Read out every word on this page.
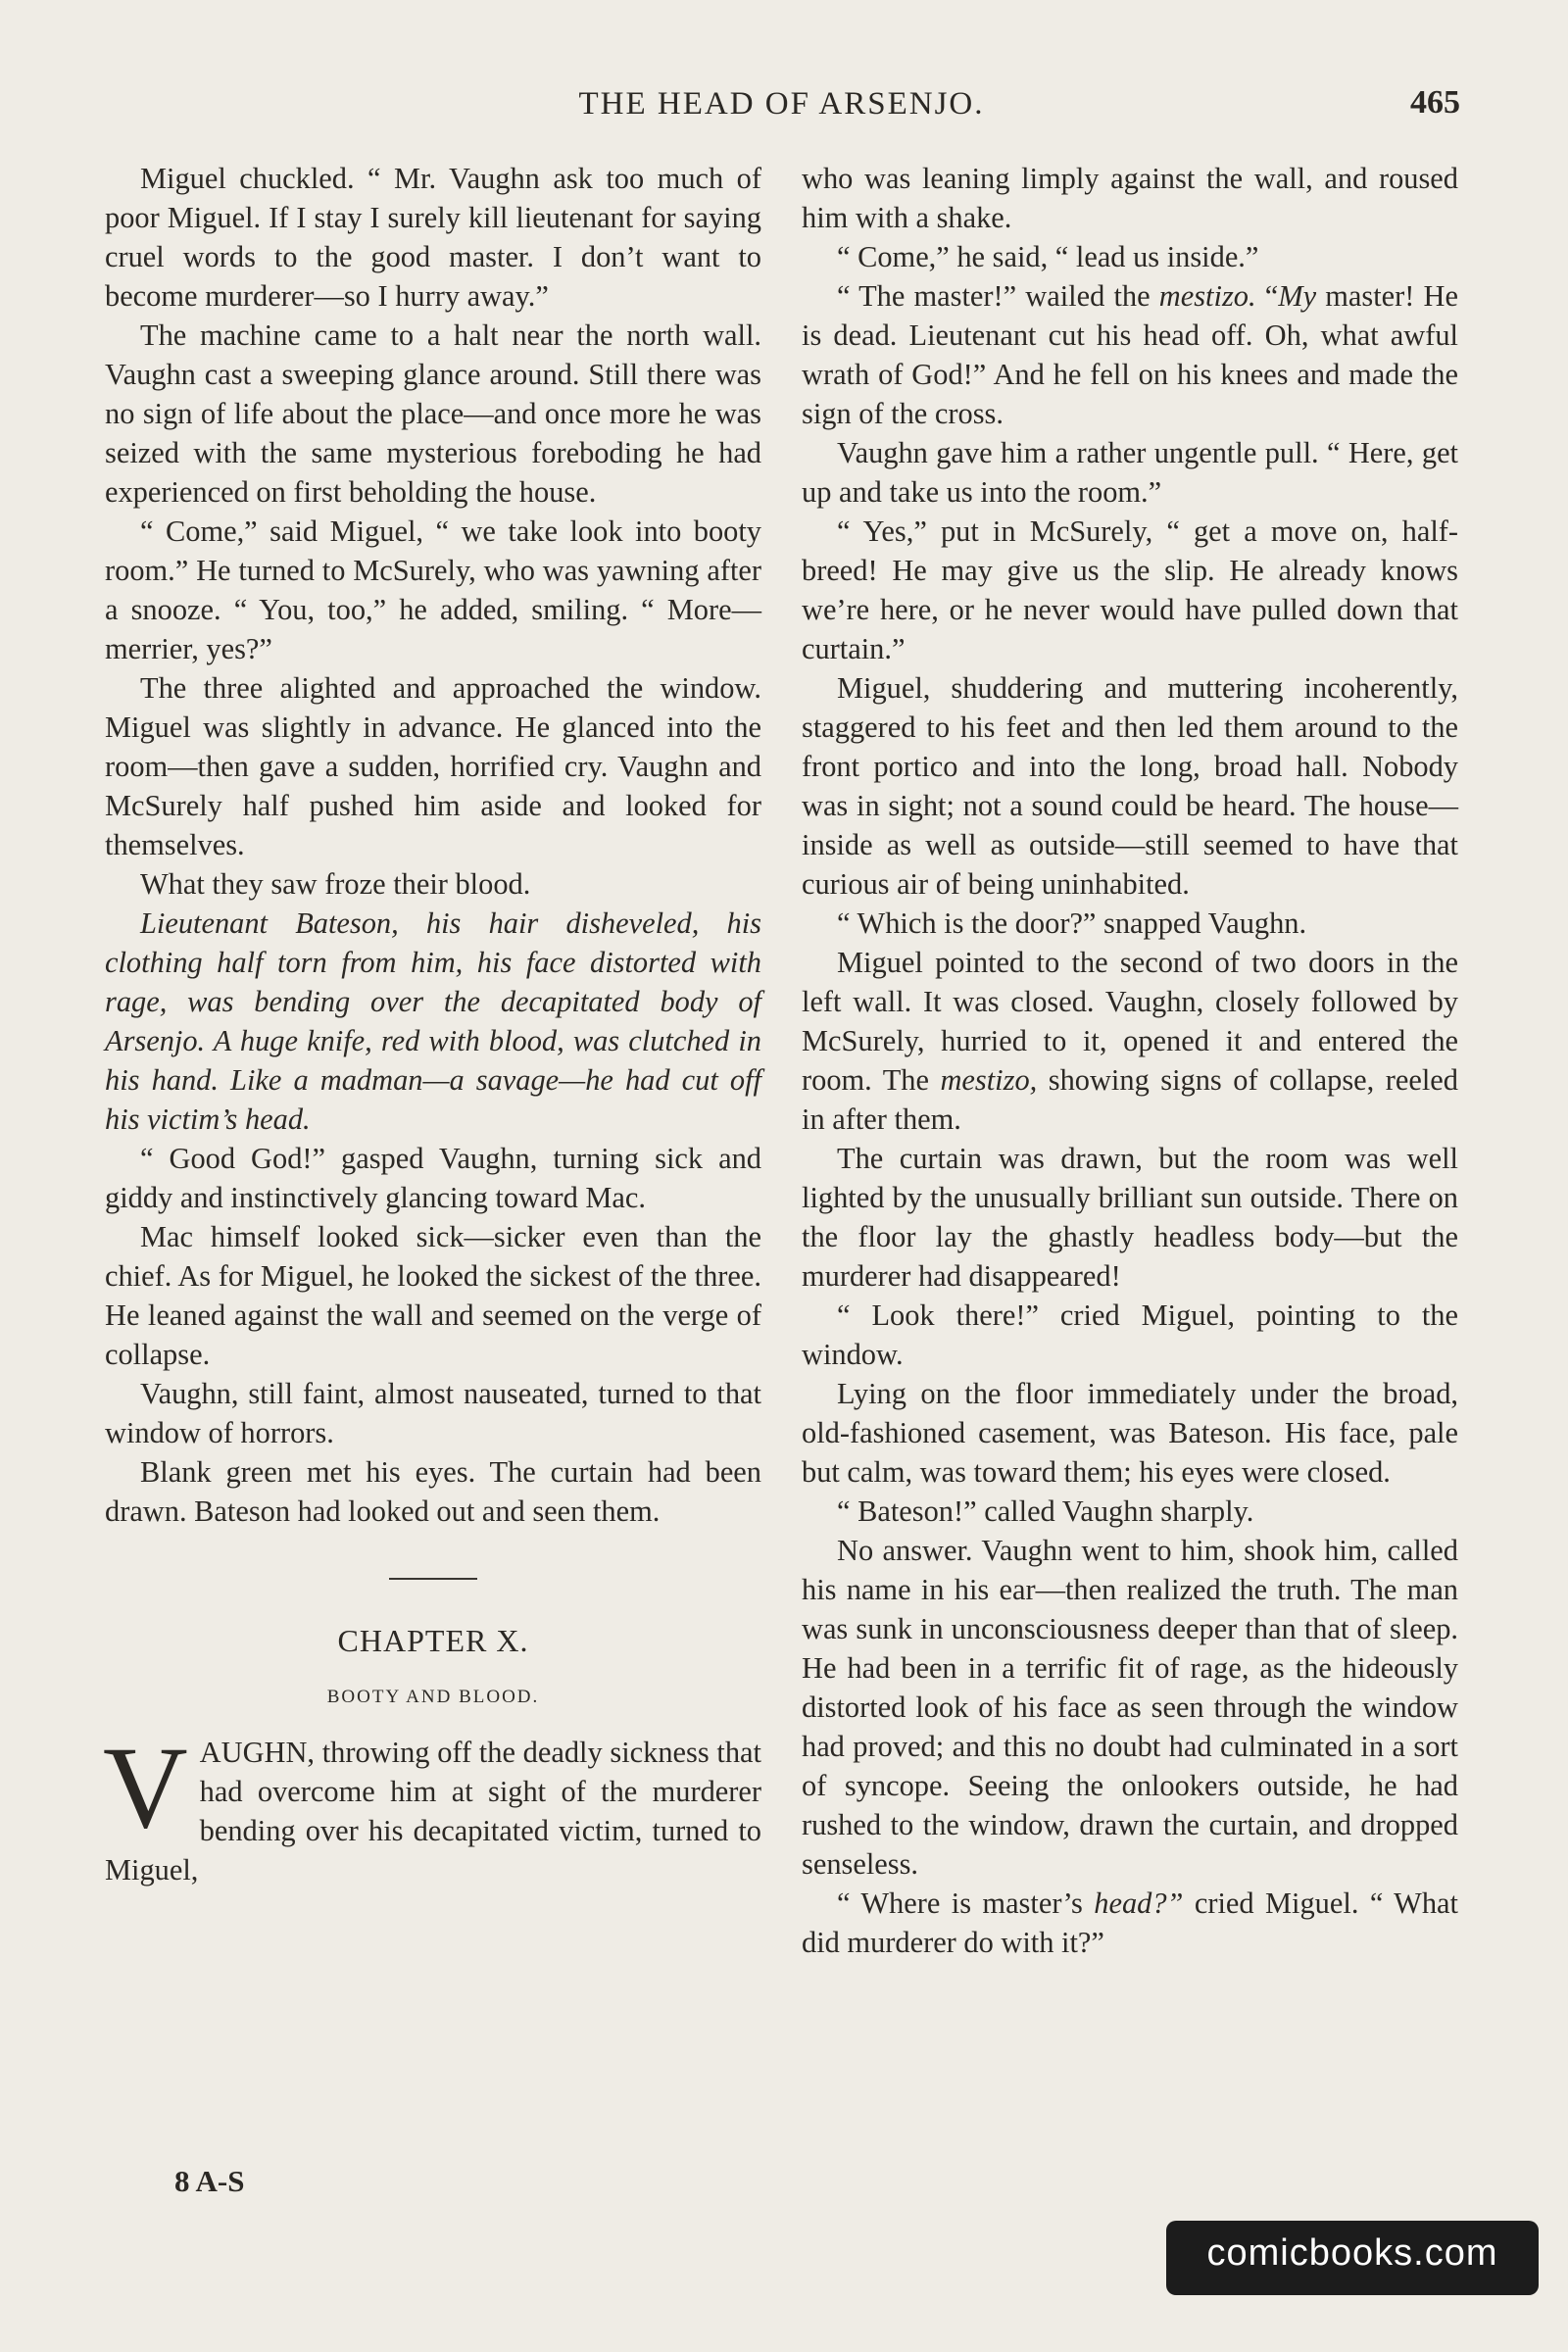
THE HEAD OF ARSENJO.	465

Miguel chuckled. “ Mr. Vaughn ask too much of poor Miguel. If I stay I surely kill lieutenant for saying cruel words to the good master. I don’t want to become murderer—so I hurry away.”

The machine came to a halt near the north wall. Vaughn cast a sweeping glance around. Still there was no sign of life about the place—and once more he was seized with the same mysterious foreboding he had experienced on first beholding the house.

“ Come,” said Miguel, “ we take look into booty room.” He turned to McSurely, who was yawning after a snooze. “ You, too,” he added, smiling. “ More—merrier, yes?”

The three alighted and approached the window. Miguel was slightly in advance. He glanced into the room—then gave a sudden, horrified cry. Vaughn and McSurely half pushed him aside and looked for themselves.

What they saw froze their blood.

Lieutenant Bateson, his hair disheveled, his clothing half torn from him, his face distorted with rage, was bending over the decapitated body of Arsenjo. A huge knife, red with blood, was clutched in his hand. Like a madman—a savage—he had cut off his victim’s head.

“ Good God!” gasped Vaughn, turning sick and giddy and instinctively glancing toward Mac.

Mac himself looked sick—sicker even than the chief. As for Miguel, he looked the sickest of the three. He leaned against the wall and seemed on the verge of collapse.

Vaughn, still faint, almost nauseated, turned to that window of horrors.

Blank green met his eyes. The curtain had been drawn. Bateson had looked out and seen them.

CHAPTER X.
BOOTY AND BLOOD.

VAUGHN, throwing off the deadly sickness that had overcome him at sight of the murderer bending over his decapitated victim, turned to Miguel,

who was leaning limply against the wall, and roused him with a shake.

“ Come,” he said, “ lead us inside.”

“ The master!” wailed the mestizo. “My master! He is dead. Lieutenant cut his head off. Oh, what awful wrath of God!” And he fell on his knees and made the sign of the cross.

Vaughn gave him a rather ungentle pull. “ Here, get up and take us into the room.”

“ Yes,” put in McSurely, “ get a move on, half-breed! He may give us the slip. He already knows we’re here, or he never would have pulled down that curtain.”

Miguel, shuddering and muttering incoherently, staggered to his feet and then led them around to the front portico and into the long, broad hall. Nobody was in sight; not a sound could be heard. The house—inside as well as outside—still seemed to have that curious air of being uninhabited.

“ Which is the door?” snapped Vaughn.

Miguel pointed to the second of two doors in the left wall. It was closed. Vaughn, closely followed by McSurely, hurried to it, opened it and entered the room. The mestizo, showing signs of collapse, reeled in after them.

The curtain was drawn, but the room was well lighted by the unusually brilliant sun outside. There on the floor lay the ghastly headless body—but the murderer had disappeared!

“ Look there!” cried Miguel, pointing to the window.

Lying on the floor immediately under the broad, old-fashioned casement, was Bateson. His face, pale but calm, was toward them; his eyes were closed.

“ Bateson!” called Vaughn sharply.

No answer. Vaughn went to him, shook him, called his name in his ear—then realized the truth. The man was sunk in unconsciousness deeper than that of sleep. He had been in a terrific fit of rage, as the hideously distorted look of his face as seen through the window had proved; and this no doubt had culminated in a sort of syncope. Seeing the onlookers outside, he had rushed to the window, drawn the curtain, and dropped senseless.

“ Where is master’s head?” cried Miguel. “ What did murderer do with it?”

8 A-S
comicbooks.com
